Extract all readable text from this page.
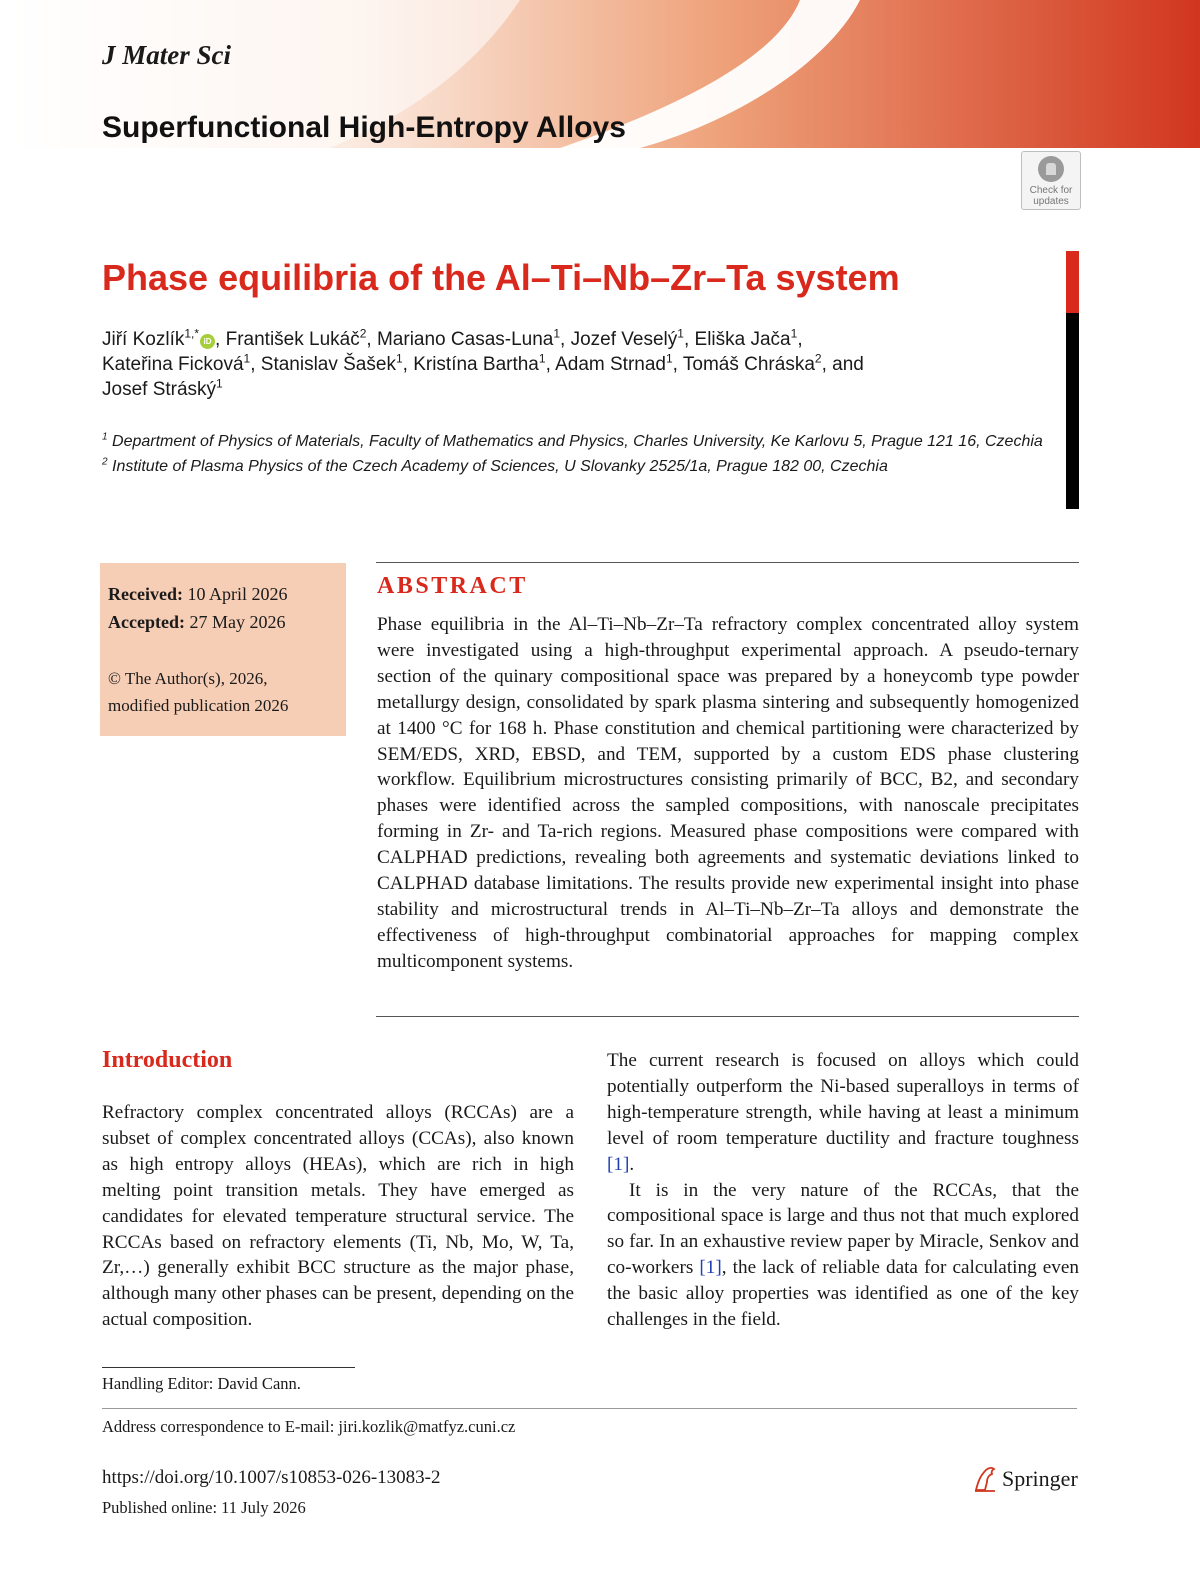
J Mater Sci
Superfunctional High-Entropy Alloys
Check for updates
Phase equilibria of the Al–Ti–Nb–Zr–Ta system
Jiří Kozlík$^{1,*}$iD , František Lukáč$^2$, Mariano Casas-Luna$^1$, Jozef Veselý$^1$, Eliška Jača$^1$,
Kateřina Ficková$^1$, Stanislav Šašek$^1$, Kristína Bartha$^1$, Adam Strnad$^1$, Tomáš Chráska$^2$, and
Josef Stráský$^1$
$^1$ Department of Physics of Materials, Faculty of Mathematics and Physics, Charles University, Ke Karlovu 5, Prague 121 16, Czechia
$^2$ Institute of Plasma Physics of the Czech Academy of Sciences, U Slovanky 2525/1a, Prague 182 00, Czechia
Received: 10 April 2026
Accepted: 27 May 2026
© The Author(s), 2026, modified publication 2026
ABSTRACT
Phase equilibria in the Al–Ti–Nb–Zr–Ta refractory complex concentrated alloy system were investigated using a high-throughput experimental approach. A pseudo-ternary section of the quinary compositional space was prepared by a honeycomb type powder metallurgy design, consolidated by spark plasma sintering and subsequently homogenized at 1400 °C for 168 h. Phase constitution and chemical partitioning were characterized by SEM/EDS, XRD, EBSD, and TEM, supported by a custom EDS phase clustering workflow. Equilibrium microstructures consisting primarily of BCC, B2, and secondary phases were identified across the sampled compositions, with nanoscale precipitates forming in Zr- and Ta-rich regions. Measured phase compositions were compared with CALPHAD predictions, revealing both agreements and systematic deviations linked to CALPHAD database limitations. The results provide new experimental insight into phase stability and microstructural trends in Al–Ti–Nb–Zr–Ta alloys and demonstrate the effectiveness of high-throughput combinatorial approaches for mapping complex multicomponent systems.
Introduction
Refractory complex concentrated alloys (RCCAs) are a subset of complex concentrated alloys (CCAs), also known as high entropy alloys (HEAs), which are rich in high melting point transition metals. They have emerged as candidates for elevated temperature structural service. The RCCAs based on refractory elements (Ti, Nb, Mo, W, Ta, Zr,…) generally exhibit BCC structure as the major phase, although many other phases can be present, depending on the actual composition.

The current research is focused on alloys which could potentially outperform the Ni-based superalloys in terms of high-temperature strength, while having at least a minimum level of room temperature ductility and fracture toughness [1].

It is in the very nature of the RCCAs, that the compositional space is large and thus not that much explored so far. In an exhaustive review paper by Miracle, Senkov and co-workers [1], the lack of reliable data for calculating even the basic alloy properties was identified as one of the key challenges in the field.

Handling Editor: David Cann.
Address correspondence to E-mail: jiri.kozlik@matfyz.cuni.cz
https://doi.org/10.1007/s10853-026-13083-2
Published online: 11 July 2026
Springer
